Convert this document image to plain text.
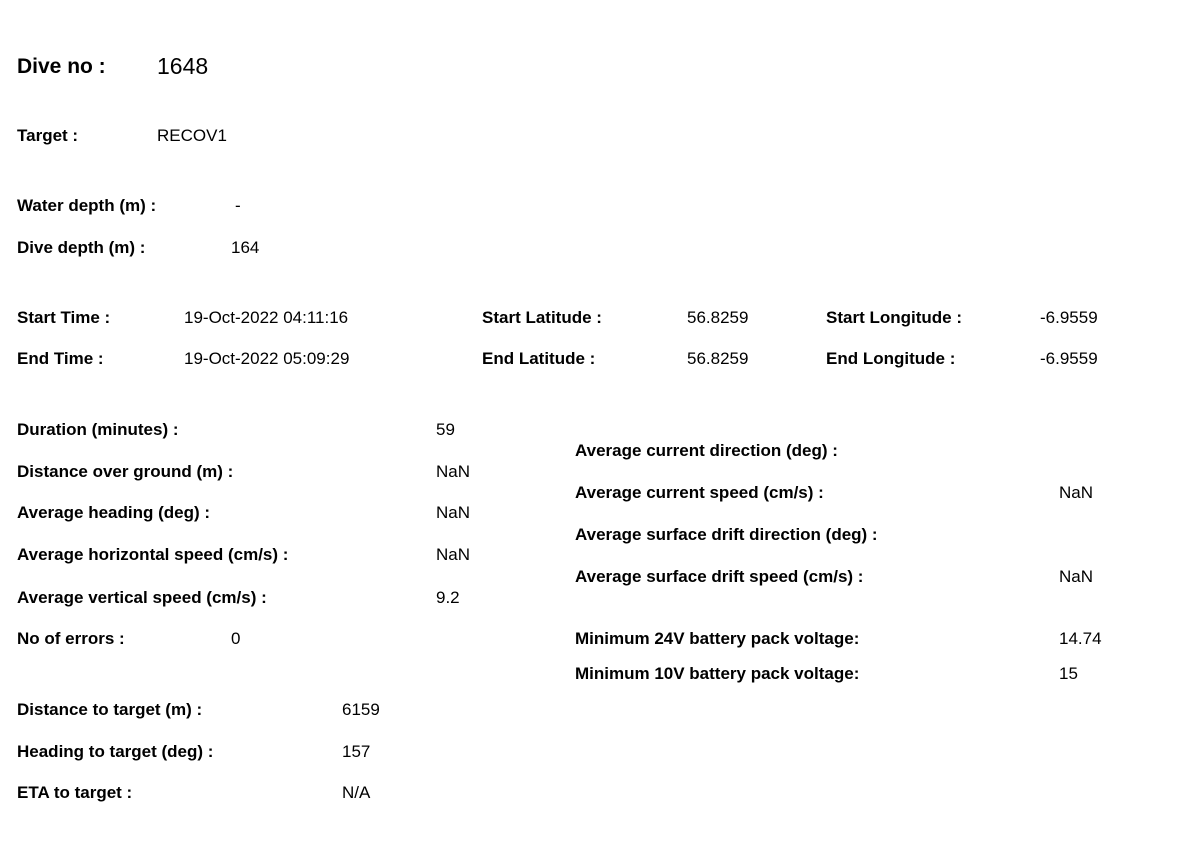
Dive no : 1648
Target :	RECOV1
Water depth (m) :	-
Dive depth (m) :	164
Start Time :	19-Oct-2022 04:11:16
End Time :	19-Oct-2022 05:09:29
Start Latitude :	56.8259
End Latitude :	56.8259
Start Longitude :	-6.9559
End Longitude :	-6.9559
Duration (minutes) :	59
Distance over ground (m) :	NaN
Average heading (deg) :	NaN
Average horizontal speed (cm/s) :	NaN
Average vertical speed (cm/s) :	9.2
No of errors :	0
Average current direction (deg) :
Average current speed (cm/s) :	NaN
Average surface drift direction (deg) :
Average surface drift speed (cm/s) :	NaN
Minimum 24V battery pack voltage:	14.74
Minimum 10V battery pack voltage:	15
Distance to target (m) :	6159
Heading to target (deg) :	157
ETA to target :	N/A
